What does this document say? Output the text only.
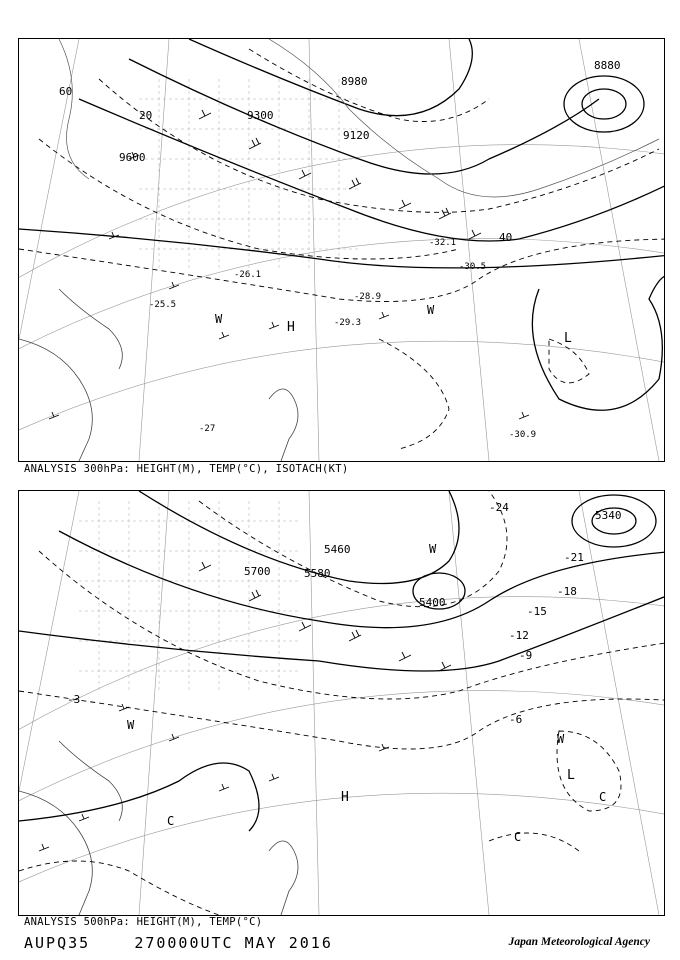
8880
8980
9120
9600
9300
20
40
60
-27
-25.5
-26.1
-28.9
-30.9
-29.3
-32.1
-30.5
L
H
W
W
ANALYSIS 300hPa: HEIGHT(M), TEMP(°C), ISOTACH(KT)
5340
5460
5580
5700
5400
-3
-6
-9
-12
-15
-18
-21
-24
L
H
W
W
W
C
C
C
ANALYSIS 500hPa: HEIGHT(M), TEMP(°C)
AUPQ35	270000UTC MAY 2016	Japan Meteorological Agency
